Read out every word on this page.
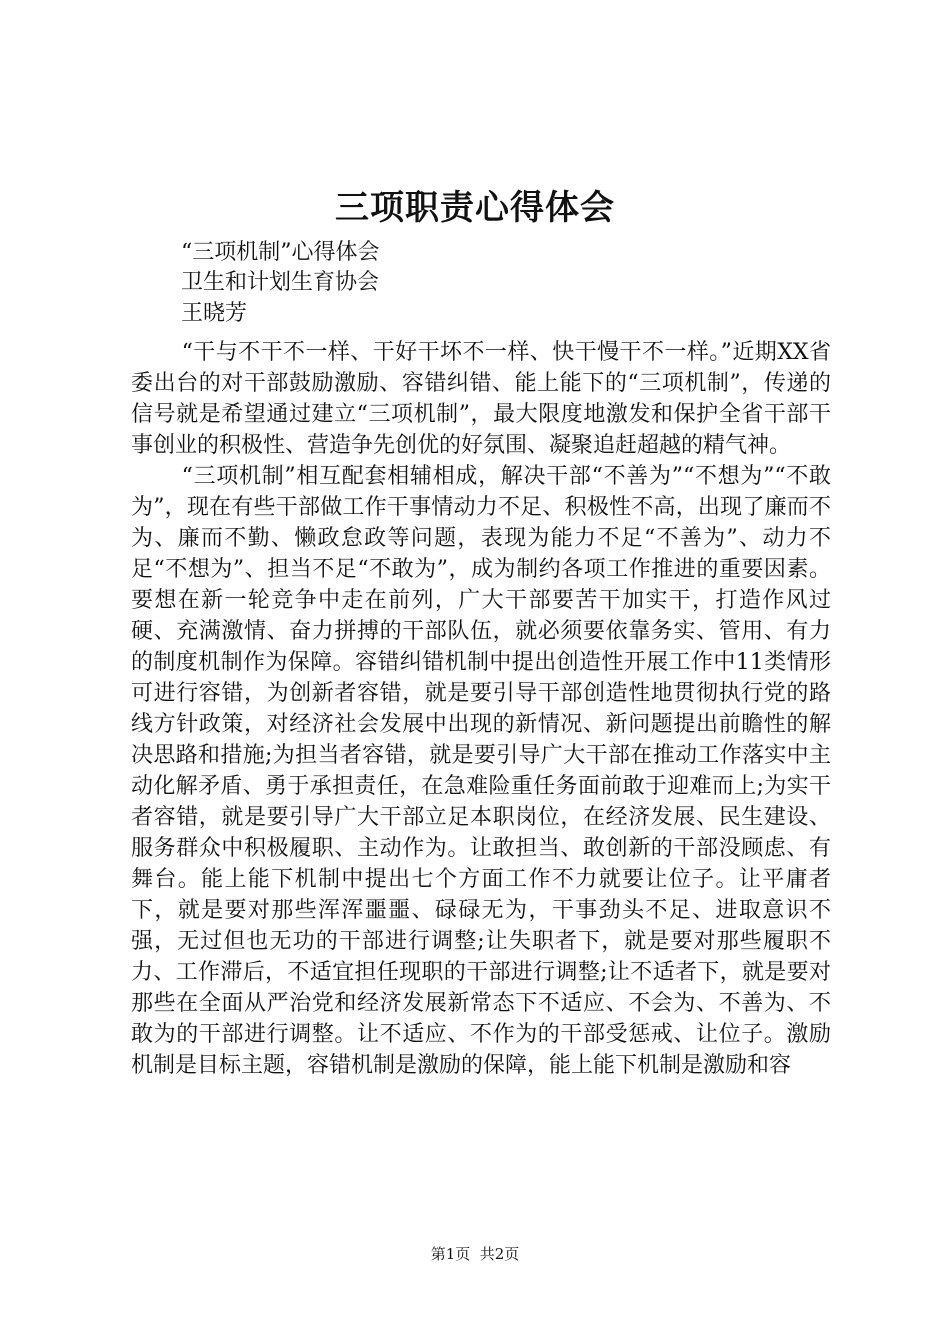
三项职责心得体会
“三项机制”心得体会
卫生和计划生育协会
王晓芳

“干与不干不一样、干好干坏不一样、快干慢干不一样。”近期XX省委出台的对干部鼓励激励、容错纠错、能上能下的“三项机制”，传递的信号就是希望通过建立“三项机制”，最大限度地激发和保护全省干部干事创业的积极性、营造争先创优的好氛围、凝聚追赶超越的精气神。

“三项机制”相互配套相辅相成，解决干部“不善为”“不想为”“不敢为”，现在有些干部做工作干事情动力不足、积极性不高，出现了廉而不为、廉而不勤、懒政怠政等问题，表现为能力不足“不善为”、动力不足“不想为”、担当不足“不敢为”，成为制约各项工作推进的重要因素。要想在新一轮竞争中走在前列，广大干部要苦干加实干，打造作风过硬、充满激情、奋力拼搏的干部队伍，就必须要依靠务实、管用、有力的制度机制作为保障。容错纠错机制中提出创造性开展工作中11类情形可进行容错，为创新者容错，就是要引导干部创造性地贯彻执行党的路线方针政策，对经济社会发展中出现的新情况、新问题提出前瞻性的解决思路和措施;为担当者容错，就是要引导广大干部在推动工作落实中主动化解矛盾、勇于承担责任，在急难险重任务面前敢于迎难而上;为实干者容错，就是要引导广大干部立足本职岗位，在经济发展、民生建设、服务群众中积极履职、主动作为。让敢担当、敢创新的干部没顾虑、有舞台。能上能下机制中提出七个方面工作不力就要让位子。让平庸者下，就是要对那些浑浑噩噩、碌碌无为，干事劲头不足、进取意识不强，无过但也无功的干部进行调整;让失职者下，就是要对那些履职不力、工作滞后，不适宜担任现职的干部进行调整;让不适者下，就是要对那些在全面从严治党和经济发展新常态下不适应、不会为、不善为、不敢为的干部进行调整。让不适应、不作为的干部受惩戒、让位子。激励机制是目标主题，容错机制是激励的保障，能上能下机制是激励和容

第1页  共2页
